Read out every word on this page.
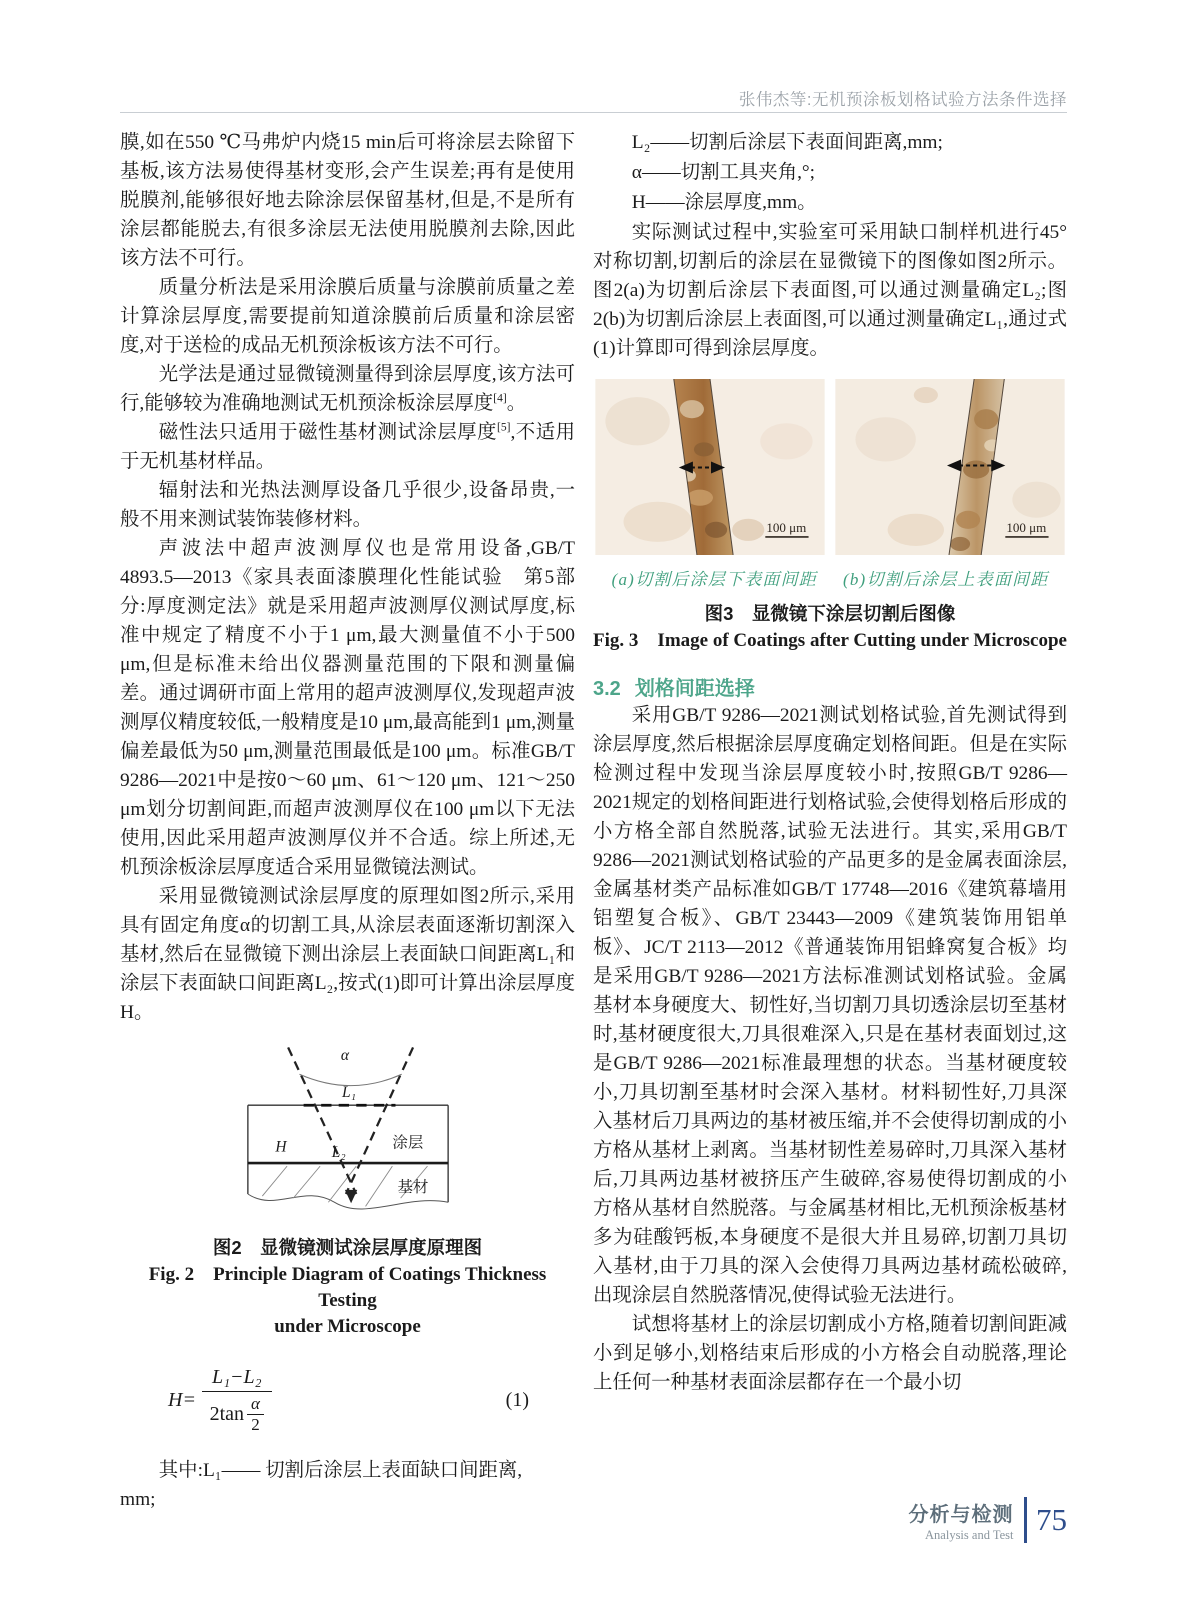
张伟杰等:无机预涂板划格试验方法条件选择

膜,如在550 ℃马弗炉内烧15 min后可将涂层去除留下基板,该方法易使得基材变形,会产生误差;再有是使用脱膜剂,能够很好地去除涂层保留基材,但是,不是所有涂层都能脱去,有很多涂层无法使用脱膜剂去除,因此该方法不可行。

质量分析法是采用涂膜后质量与涂膜前质量之差计算涂层厚度,需要提前知道涂膜前后质量和涂层密度,对于送检的成品无机预涂板该方法不可行。

光学法是通过显微镜测量得到涂层厚度,该方法可行,能够较为准确地测试无机预涂板涂层厚度[4]。

磁性法只适用于磁性基材测试涂层厚度[5],不适用于无机基材样品。

辐射法和光热法测厚设备几乎很少,设备昂贵,一般不用来测试装饰装修材料。

声波法中超声波测厚仪也是常用设备,GB/T 4893.5—2013《家具表面漆膜理化性能试验　第5部分:厚度测定法》就是采用超声波测厚仪测试厚度,标准中规定了精度不小于1 μm,最大测量值不小于500 μm,但是标准未给出仪器测量范围的下限和测量偏差。通过调研市面上常用的超声波测厚仪,发现超声波测厚仪精度较低,一般精度是10 μm,最高能到1 μm,测量偏差最低为50 μm,测量范围最低是100 μm。标准GB/T 9286—2021中是按0～60 μm、61～120 μm、121～250 μm划分切割间距,而超声波测厚仪在100 μm以下无法使用,因此采用超声波测厚仪并不合适。综上所述,无机预涂板涂层厚度适合采用显微镜法测试。

采用显微镜测试涂层厚度的原理如图2所示,采用具有固定角度α的切割工具,从涂层表面逐渐切割深入基材,然后在显微镜下测出涂层上表面缺口间距离L₁和涂层下表面缺口间距离L₂,按式(1)即可计算出涂层厚度H。

α
L₁
H	L₂
涂层
基材
图2　显微镜测试涂层厚度原理图
Fig. 2　Principle Diagram of Coatings Thickness Testing
under Microscope
$H= \frac{\text{L₁−L₂}}{2\tan \frac{\alpha}{2}}$	(1)
其中:L₁—— 切割后涂层上表面缺口间距离,
mm;

L₂——切割后涂层下表面间距离,mm;

α——切割工具夹角,°;

H——涂层厚度,mm。

实际测试过程中,实验室可采用缺口制样机进行45°对称切割,切割后的涂层在显微镜下的图像如图2所示。图2(a)为切割后涂层下表面图,可以通过测量确定L₂;图2(b)为切割后涂层上表面图,可以通过测量确定L₁,通过式(1)计算即可得到涂层厚度。

100 μm	100 μm
(a)切割后涂层下表面间距 (b)切割后涂层上表面间距
图3　显微镜下涂层切割后图像
Fig. 3　Image of Coatings after Cutting under Microscope
3.2 划格间距选择

采用GB/T 9286—2021测试划格试验,首先测试得到涂层厚度,然后根据涂层厚度确定划格间距。但是在实际检测过程中发现当涂层厚度较小时,按照GB/T 9286—2021规定的划格间距进行划格试验,会使得划格后形成的小方格全部自然脱落,试验无法进行。其实,采用GB/T 9286—2021测试划格试验的产品更多的是金属表面涂层,金属基材类产品标准如GB/T 17748—2016《建筑幕墙用铝塑复合板》、GB/T 23443—2009《建筑装饰用铝单板》、JC/T 2113—2012《普通装饰用铝蜂窝复合板》均是采用GB/T 9286—2021方法标准测试划格试验。金属基材本身硬度大、韧性好,当切割刀具切透涂层切至基材时,基材硬度很大,刀具很难深入,只是在基材表面划过,这是GB/T 9286—2021标准最理想的状态。当基材硬度较小,刀具切割至基材时会深入基材。材料韧性好,刀具深入基材后刀具两边的基材被压缩,并不会使得切割成的小方格从基材上剥离。当基材韧性差易碎时,刀具深入基材后,刀具两边基材被挤压产生破碎,容易使得切割成的小方格从基材自然脱落。与金属基材相比,无机预涂板基材多为硅酸钙板,本身硬度不是很大并且易碎,切割刀具切入基材,由于刀具的深入会使得刀具两边基材疏松破碎,出现涂层自然脱落情况,使得试验无法进行。

试想将基材上的涂层切割成小方格,随着切割间距减小到足够小,划格结束后形成的小方格会自动脱落,理论上任何一种基材表面涂层都存在一个最小切

分析与检测
Analysis and Test 75
